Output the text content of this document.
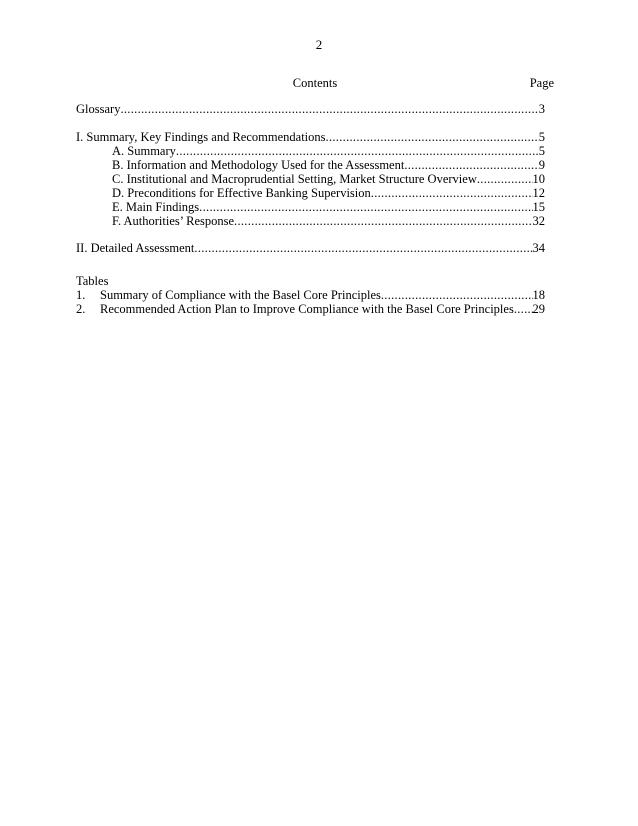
2
Contents	Page
Glossary .....	3
I. Summary, Key Findings and Recommendations .....	5
A. Summary .....	5
B. Information and Methodology Used for the Assessment .....	9
C. Institutional and Macroprudential Setting, Market Structure Overview .....	10
D. Preconditions for Effective Banking Supervision .....	12
E. Main Findings .....	15
F. Authorities’ Response .....	32
II. Detailed Assessment .....	34
Tables
1.	Summary of Compliance with the Basel Core Principles .....	18
2.	Recommended Action Plan to Improve Compliance with the Basel Core Principles ..... 29
